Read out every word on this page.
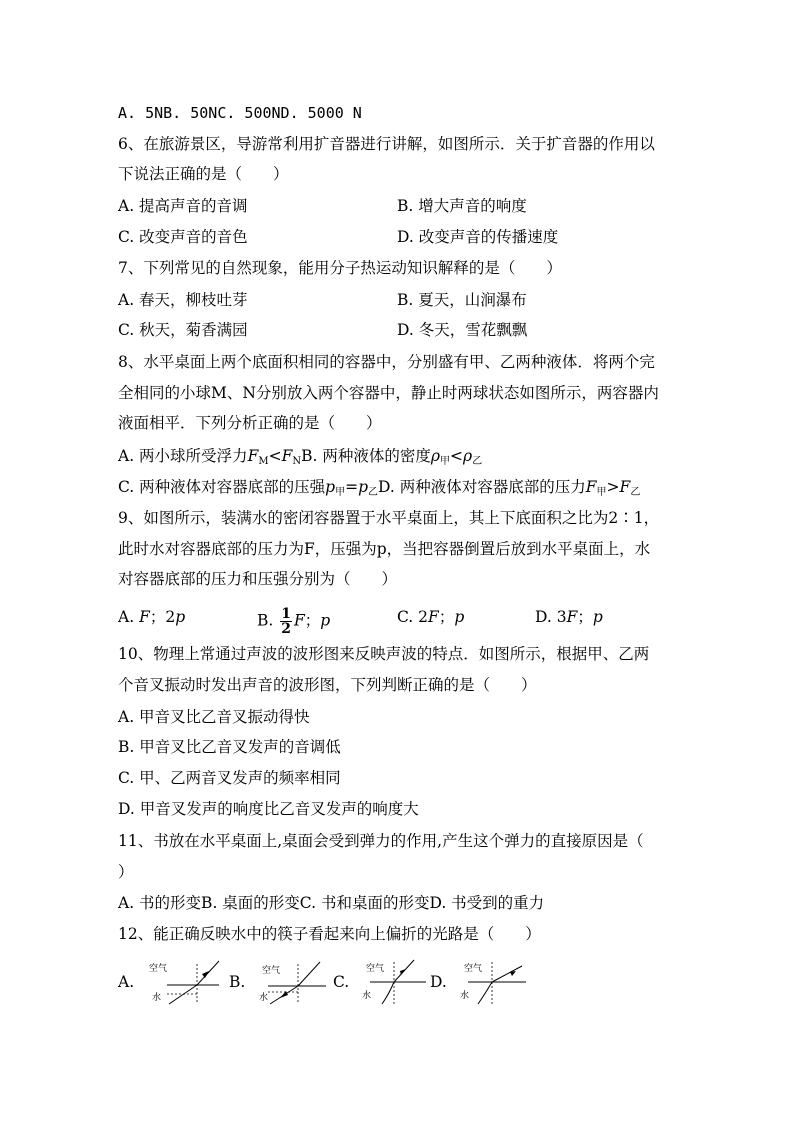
A. 5NB. 50NC. 500ND. 5000 N
6、在旅游景区，导游常利用扩音器进行讲解，如图所示．关于扩音器的作用以
下说法正确的是（　　）
A. 提高声音的音调	B. 增大声音的响度
C. 改变声音的音色	D. 改变声音的传播速度
7、下列常见的自然现象，能用分子热运动知识解释的是（　　）
A. 春天，柳枝吐芽	B. 夏天，山涧瀑布
C. 秋天，菊香满园	D. 冬天，雪花飘飘
8、水平桌面上两个底面积相同的容器中，分别盛有甲、乙两种液体．将两个完
全相同的小球M、N分别放入两个容器中，静止时两球状态如图所示，两容器内
液面相平．下列分析正确的是（　　）
A. 两小球所受浮力$F_M<F_NB$. 两种液体的密度$\rho_甲<\rho_乙$
C. 两种液体对容器底部的压强$p_甲=p_乙D$. 两种液体对容器底部的压力$F_甲>F_乙$
9、如图所示，装满水的密闭容器置于水平桌面上，其上下底面积之比为2∶1，
此时水对容器底部的压力为F，压强为p，当把容器倒置后放到水平桌面上，水
对容器底部的压力和压强分别为（　　）
A. F；2p	B. $\frac{1}{2}$ F；p	C. 2F；p	D. 3F；p
10、物理上常通过声波的波形图来反映声波的特点．如图所示，根据甲、乙两
个音叉振动时发出声音的波形图，下列判断正确的是（　　）
A. 甲音叉比乙音叉振动得快
B. 甲音叉比乙音叉发声的音调低
C. 甲、乙两音叉发声的频率相同
D. 甲音叉发声的响度比乙音叉发声的响度大
11、书放在水平桌面上,桌面会受到弹力的作用,产生这个弹力的直接原因是（
）
A. 书的形变B. 桌面的形变C. 书和桌面的形变D. 书受到的重力
12、能正确反映水中的筷子看起来向上偏折的光路是（　　）
A.	B.	C.	D.
空气
水
空气
水
空气
水
空气
水
